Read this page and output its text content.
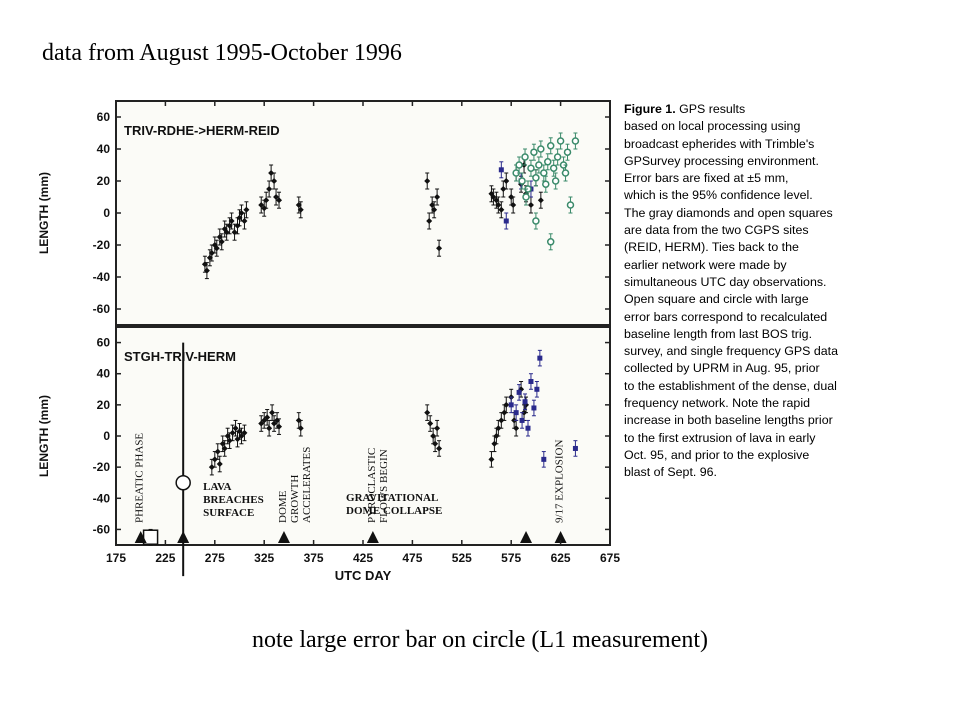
data from August 1995-October 1996
60
40
20
0
-20
-40
-60
LENGTH (mm)
TRIV-RDHE->HERM-REID
60
40
20
0
-20
-40
-60
LENGTH (mm)
STGH-TRIV-HERM
PHREATIC PHASE	LAVA BREACHES SURFACE	DOMEGROWTHACCELERATES	PYROCLASTICFLOWS BEGIN
GRAVITATIONAL DOME COLLAPSE	9/17 EXPLOSION
175 225 275 325 375 425 475 525 575 625 675
UTC DAY
Figure 1. GPS results
based on local processing using
broadcast epherides with Trimble's
GPSurvey processing environment.
Error bars are fixed at ±5 mm,
which is the 95% confidence level.
The gray diamonds and open squares
are data from the two CGPS sites
(REID, HERM). Ties back to the
earlier network were made by
simultaneous UTC day observations.
Open square and circle with large
error bars correspond to recalculated
baseline length from last BOS trig.
survey, and single frequency GPS data
collected by UPRM in Aug. 95, prior
to the establishment of the dense, dual
frequency network. Note the rapid
increase in both baseline lengths prior
to the first extrusion of lava in early
Oct. 95, and prior to the explosive
blast of Sept. 96.
note large error bar on circle (L1 measurement)
